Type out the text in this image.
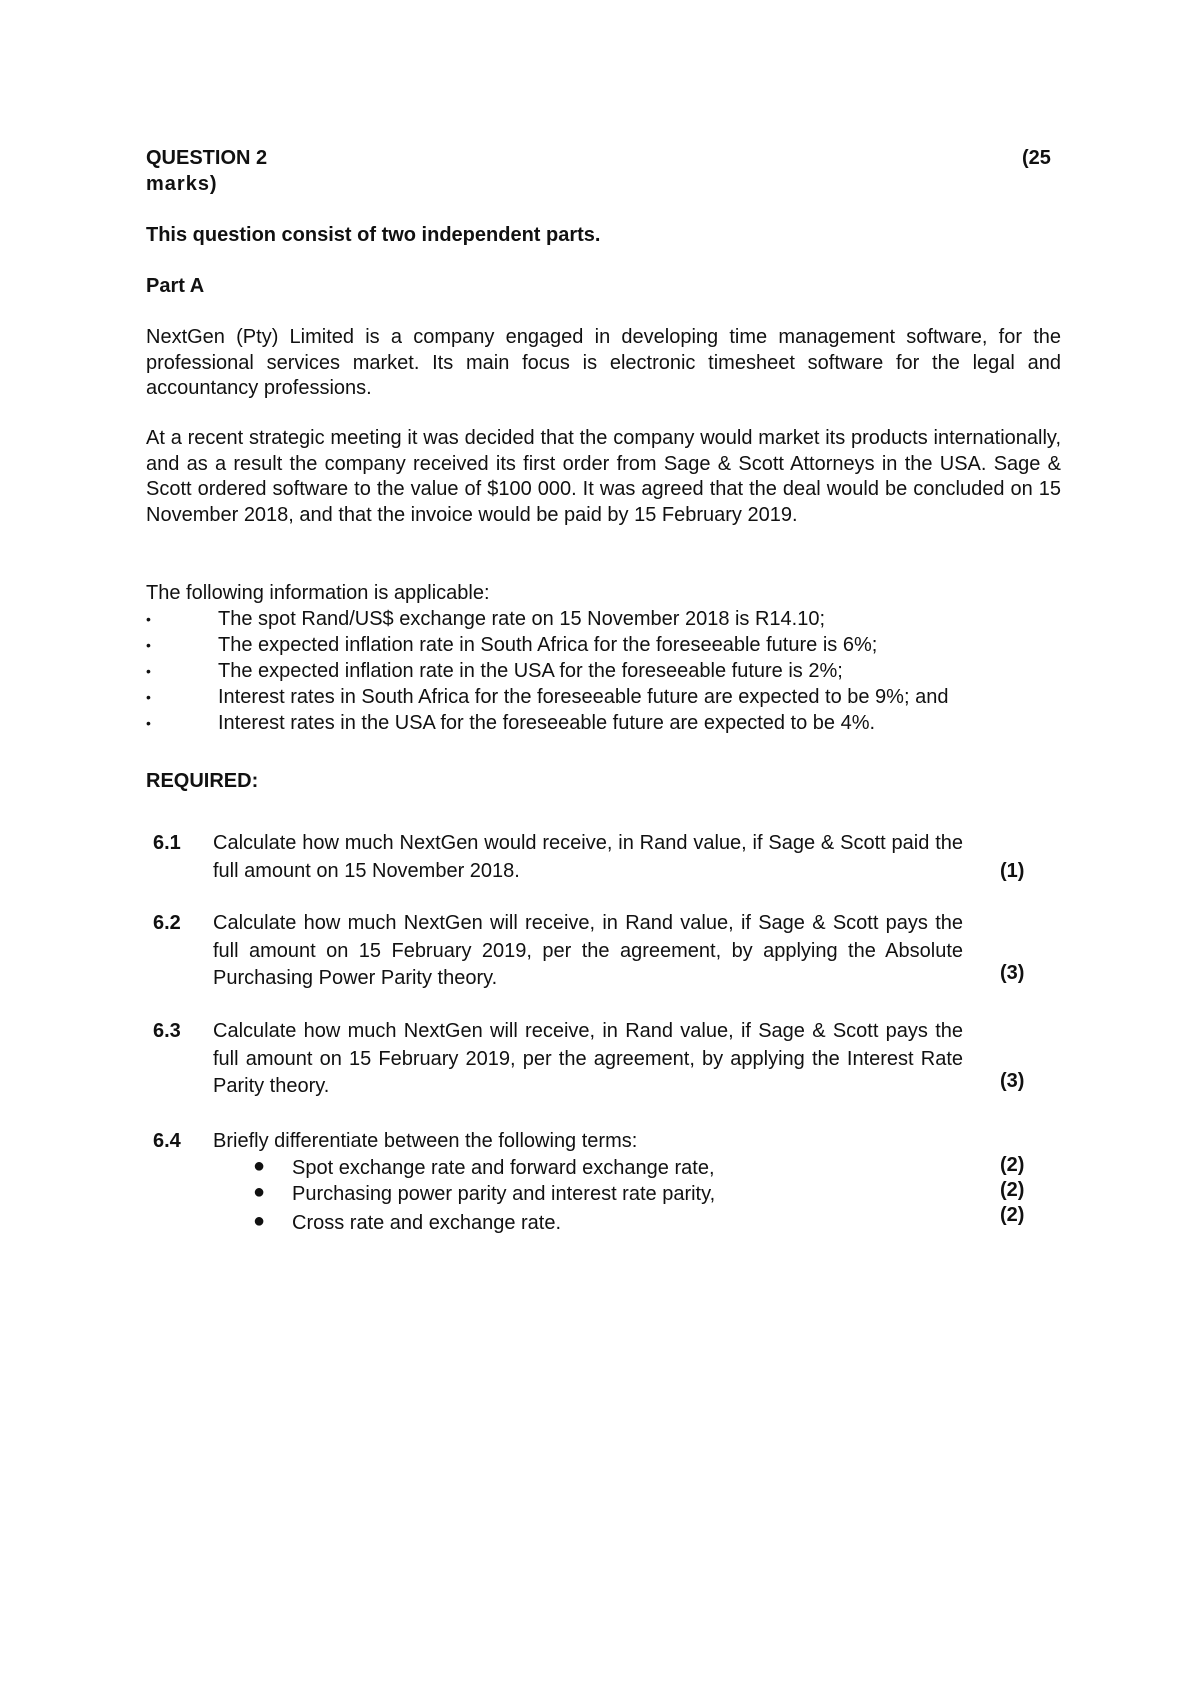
QUESTION 2	(25
marks)
This question consist of two independent parts.
Part A
NextGen (Pty) Limited is a company engaged in developing time management software, for the professional services market. Its main focus is electronic timesheet software for the legal and accountancy professions.
At a recent strategic meeting it was decided that the company would market its products internationally, and as a result the company received its first order from Sage & Scott Attorneys in the USA. Sage & Scott ordered software to the value of $100 000. It was agreed that the deal would be concluded on 15 November 2018, and that the invoice would be paid by 15 February 2019.
The following information is applicable:
•	The spot Rand/US$ exchange rate on 15 November 2018 is R14.10;
•	The expected inflation rate in South Africa for the foreseeable future is 6%;
•	The expected inflation rate in the USA for the foreseeable future is 2%;
•	Interest rates in South Africa for the foreseeable future are expected to be 9%; and
•	Interest rates in the USA for the foreseeable future are expected to be 4%.
REQUIRED:
6.1 Calculate how much NextGen would receive, in Rand value, if Sage & Scott paid the full amount on 15 November 2018.	(1)
6.2 Calculate how much NextGen will receive, in Rand value, if Sage & Scott pays the full amount on 15 February 2019, per the agreement, by applying the Absolute Purchasing Power Parity theory.	(3)
6.3 Calculate how much NextGen will receive, in Rand value, if Sage & Scott pays the full amount on 15 February 2019, per the agreement, by applying the Interest Rate Parity theory.	(3)
6.4 Briefly differentiate between the following terms:
● Spot exchange rate and forward exchange rate,	(2)
● Purchasing power parity and interest rate parity,	(2)
● Cross rate and exchange rate.	(2)
